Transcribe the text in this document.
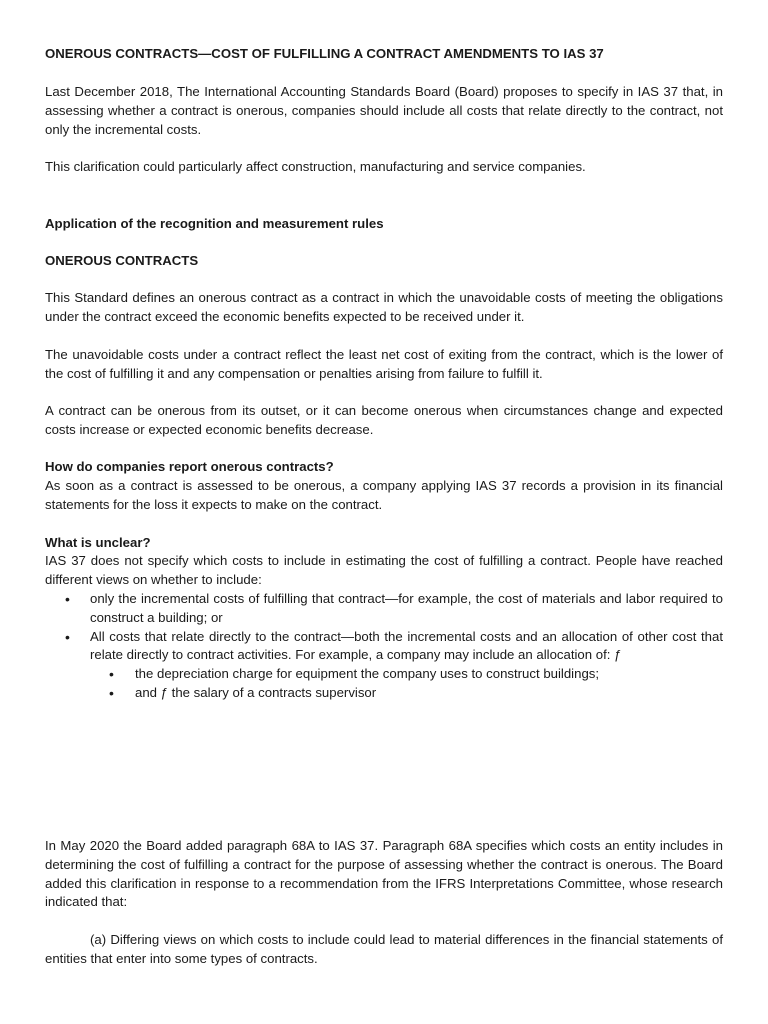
ONEROUS CONTRACTS—COST OF FULFILLING A CONTRACT AMENDMENTS TO IAS 37

Last December 2018, The International Accounting Standards Board (Board) proposes to specify in IAS 37 that, in assessing whether a contract is onerous, companies should include all costs that relate directly to the contract, not only the incremental costs.

This clarification could particularly affect construction, manufacturing and service companies.

Application of the recognition and measurement rules

ONEROUS CONTRACTS

This Standard defines an onerous contract as a contract in which the unavoidable costs of meeting the obligations under the contract exceed the economic benefits expected to be received under it.

The unavoidable costs under a contract reflect the least net cost of exiting from the contract, which is the lower of the cost of fulfilling it and any compensation or penalties arising from failure to fulfill it.

A contract can be onerous from its outset, or it can become onerous when circumstances change and expected costs increase or expected economic benefits decrease.

How do companies report onerous contracts?

As soon as a contract is assessed to be onerous, a company applying IAS 37 records a provision in its financial statements for the loss it expects to make on the contract.

What is unclear?

IAS 37 does not specify which costs to include in estimating the cost of fulfilling a contract. People have reached different views on whether to include:

• only the incremental costs of fulfilling that contract—for example, the cost of materials and labor required to construct a building; or
• All costs that relate directly to the contract—both the incremental costs and an allocation of other cost that relate directly to contract activities. For example, a company may include an allocation of: ƒ
• the depreciation charge for equipment the company uses to construct buildings;
• and ƒ the salary of a contracts supervisor

In May 2020 the Board added paragraph 68A to IAS 37. Paragraph 68A specifies which costs an entity includes in determining the cost of fulfilling a contract for the purpose of assessing whether the contract is onerous. The Board added this clarification in response to a recommendation from the IFRS Interpretations Committee, whose research indicated that:

(a) Differing views on which costs to include could lead to material differences in the financial statements of entities that enter into some types of contracts.
